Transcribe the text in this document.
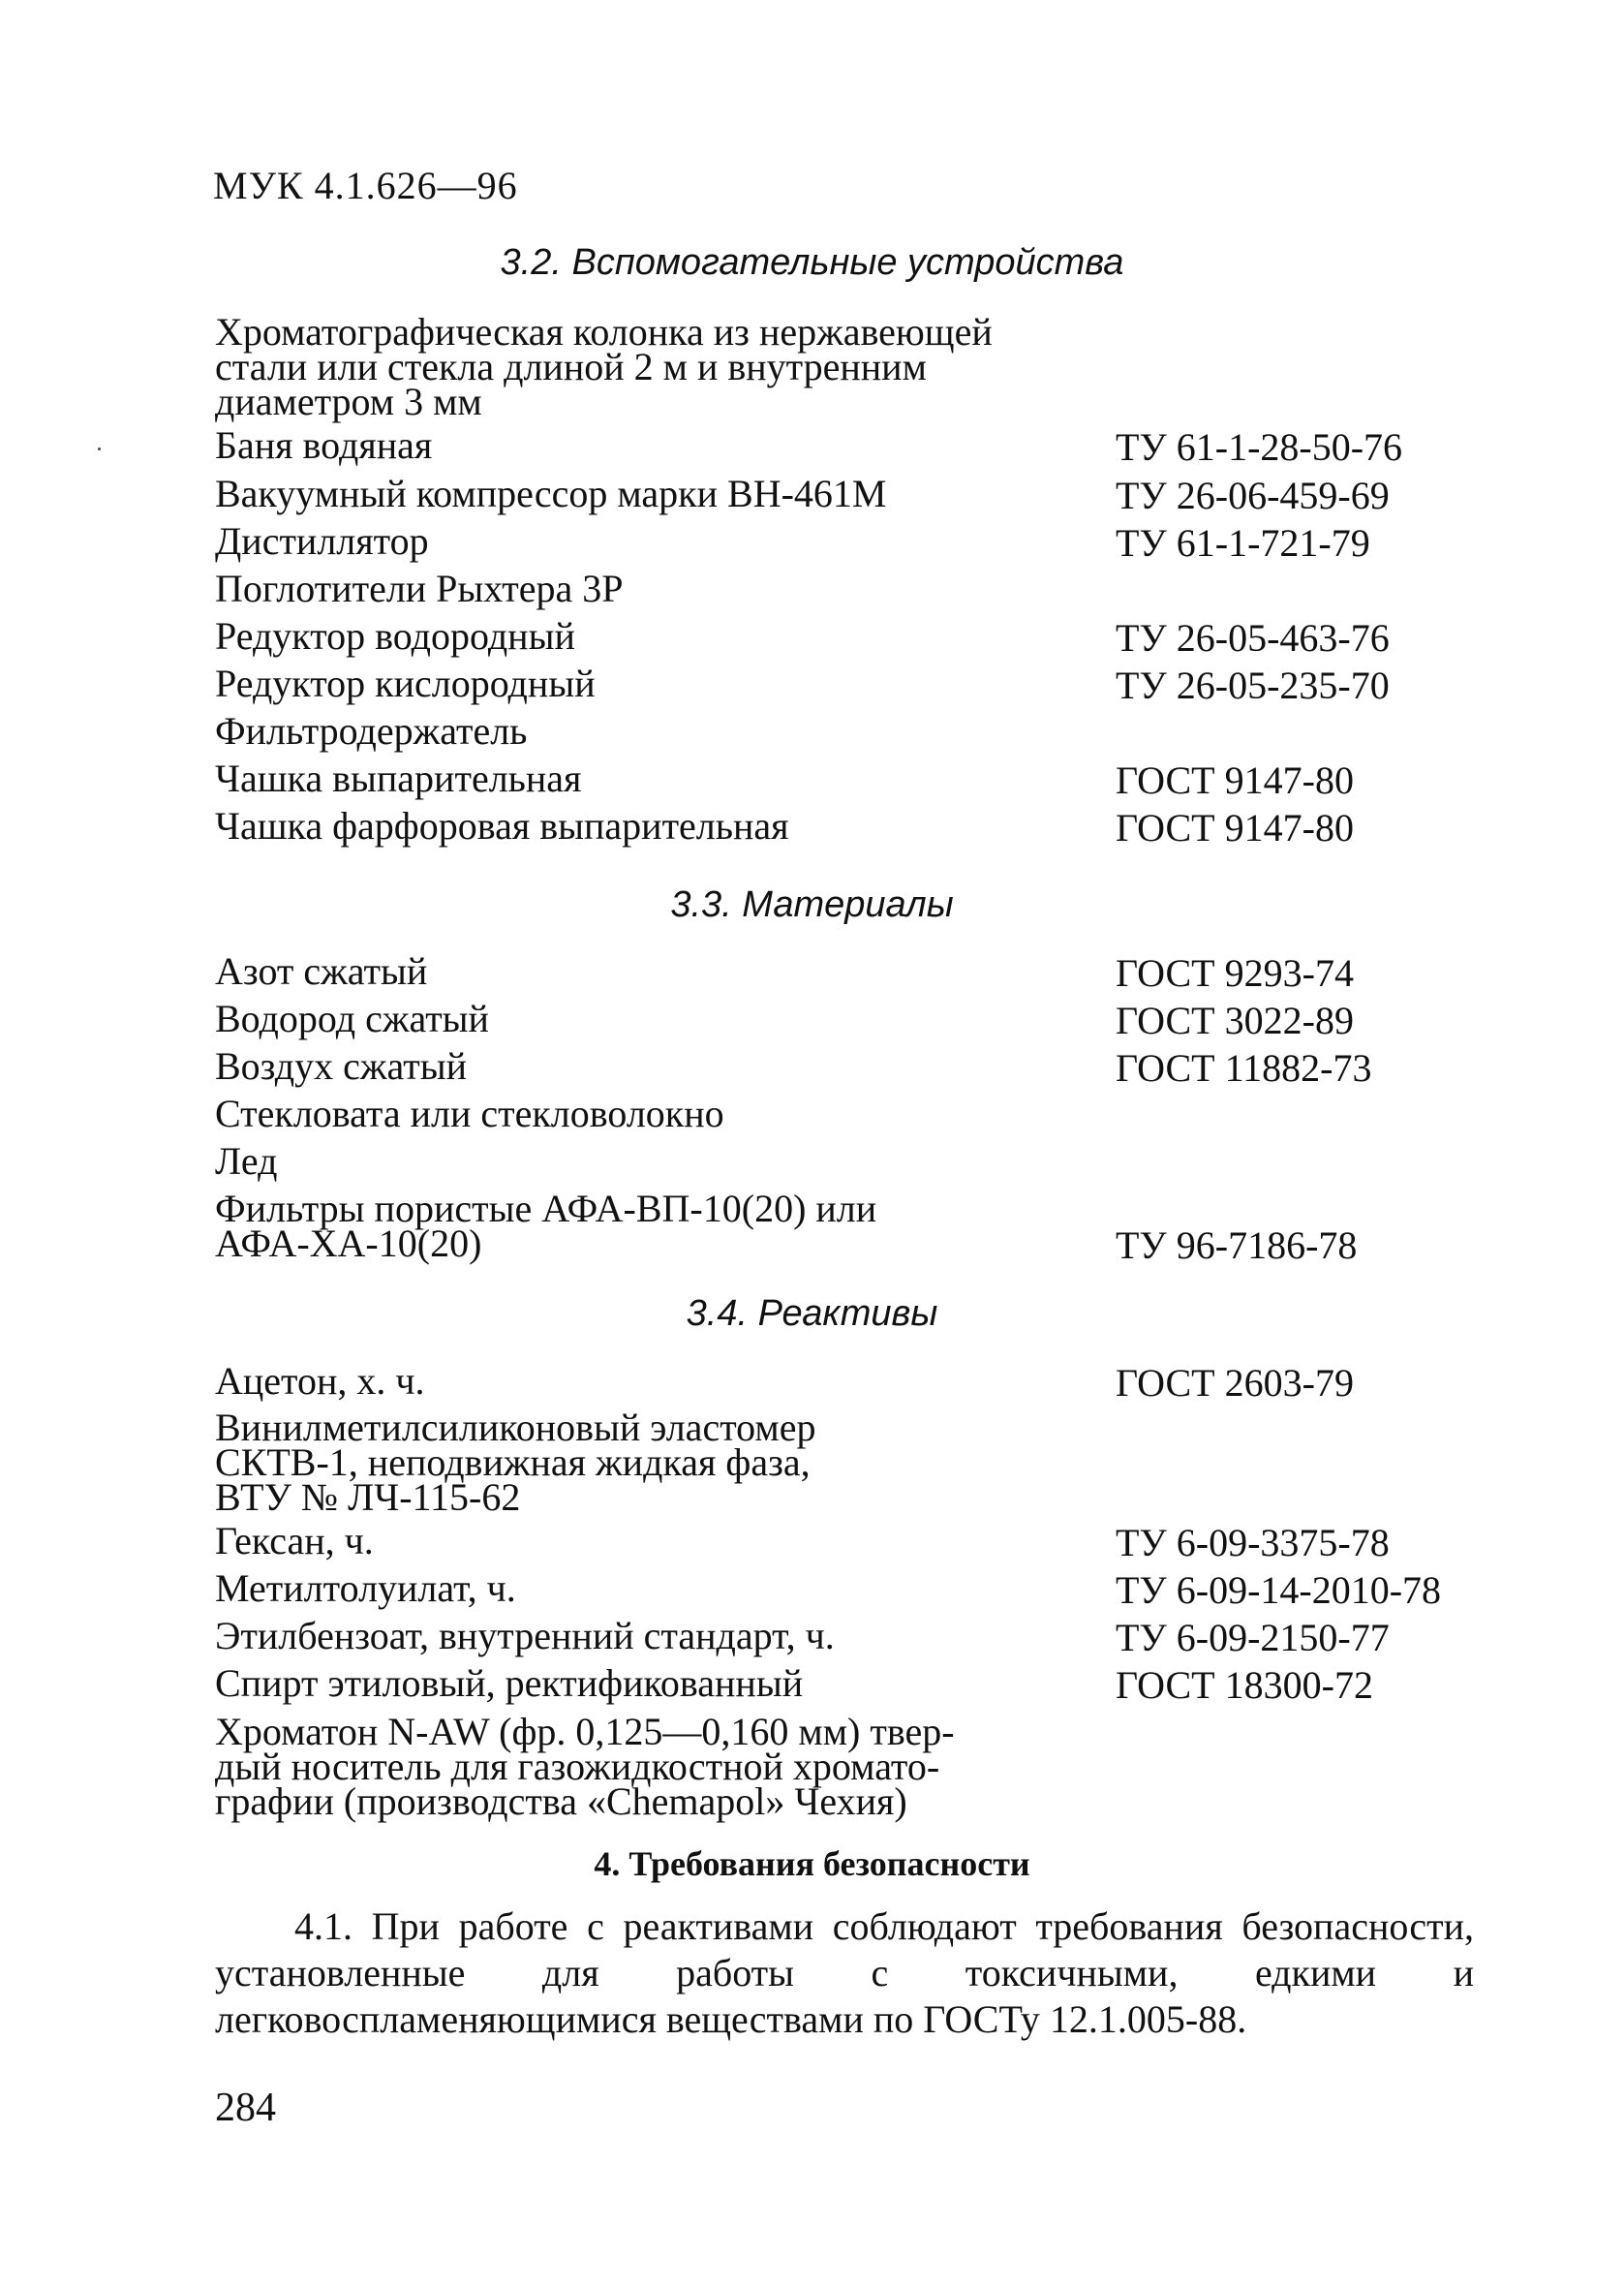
МУК 4.1.626—96
3.2. Вспомогательные устройства
Хроматографическая колонка из нержавеющей
стали или стекла длиной 2 м и внутренним
диаметром 3 мм
Баня водяная	ТУ 61-1-28-50-76
Вакуумный компрессор марки ВН-461М	ТУ 26-06-459-69
Дистиллятор	ТУ 61-1-721-79
Поглотители Рыхтера 3Р
Редуктор водородный	ТУ 26-05-463-76
Редуктор кислородный	ТУ 26-05-235-70
Фильтродержатель
Чашка выпарительная	ГОСТ 9147-80
Чашка фарфоровая выпарительная	ГОСТ 9147-80
3.3. Материалы
Азот сжатый	ГОСТ 9293-74
Водород сжатый	ГОСТ 3022-89
Воздух сжатый	ГОСТ 11882-73
Стекловата или стекловолокно
Лед
Фильтры пористые АФА-ВП-10(20) или
АФА-ХА-10(20)	ТУ 96-7186-78
3.4. Реактивы
Ацетон, х. ч.	ГОСТ 2603-79
Винилметилсиликоновый эластомер
СКТВ-1, неподвижная жидкая фаза,
ВТУ № ЛЧ-115-62
Гексан, ч.	ТУ 6-09-3375-78
Метилтолуилат, ч.	ТУ 6-09-14-2010-78
Этилбензоат, внутренний стандарт, ч.	ТУ 6-09-2150-77
Спирт этиловый, ректификованный	ГОСТ 18300-72
Хроматон N-AW (фр. 0,125—0,160 мм) твер-
дый носитель для газожидкостной хромато-
графии (производства «Chemapol» Чехия)
4. Требования безопасности
4.1. При работе с реактивами соблюдают требования безопасности, установленные для работы с токсичными, едкими и легковоспламеняющимися веществами по ГОСТу 12.1.005-88.
284
